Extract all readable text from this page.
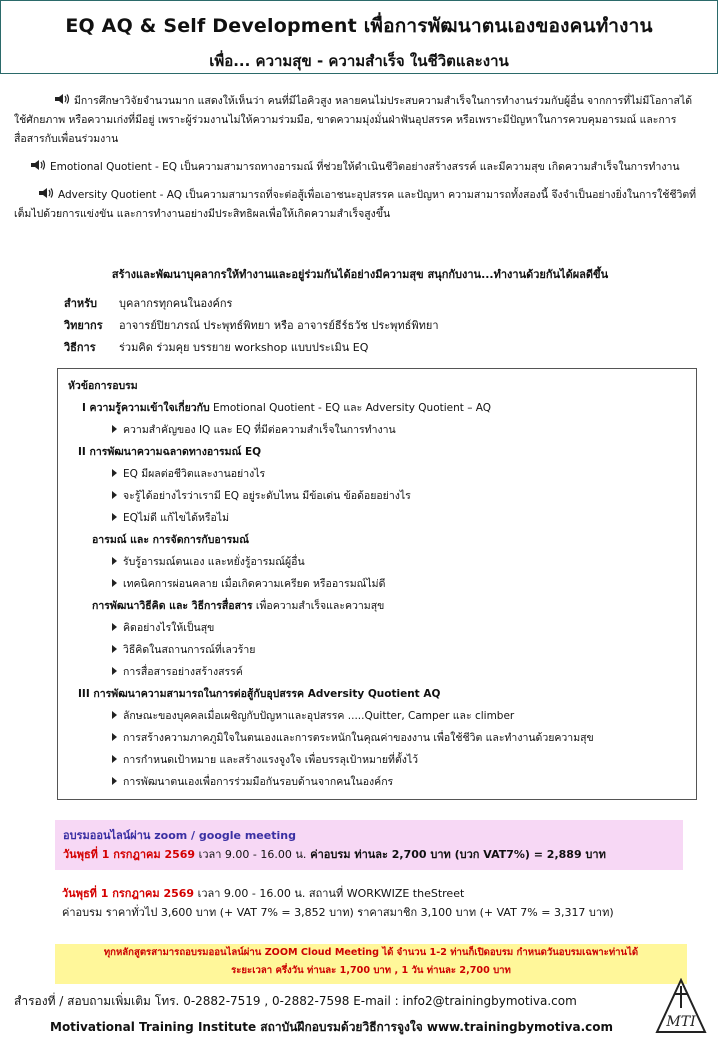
EQ AQ & Self Development เพื่อการพัฒนาตนเองของคนทำงาน
เพื่อ... ความสุข - ความสำเร็จ ในชีวิตและงาน

มีการศึกษาวิจัยจำนวนมาก แสดงให้เห็นว่า คนที่มีไอคิวสูง หลายคนไม่ประสบความสำเร็จในการทำงานร่วมกับผู้อื่น จากการที่ไม่มีโอกาสได้ใช้ศักยภาพ หรือความเก่งที่มีอยู่ เพราะผู้ร่วมงานไม่ให้ความร่วมมือ, ขาดความมุ่งมั่นฝ่าฟันอุปสรรค หรือเพราะมีปัญหาในการควบคุมอารมณ์ และการสื่อสารกับเพื่อนร่วมงาน

Emotional Quotient - EQ เป็นความสามารถทางอารมณ์ ที่ช่วยให้ดำเนินชีวิตอย่างสร้างสรรค์ และมีความสุข เกิดความสำเร็จในการทำงาน

Adversity Quotient - AQ เป็นความสามารถที่จะต่อสู้เพื่อเอาชนะอุปสรรค และปัญหา ความสามารถทั้งสองนี้ จึงจำเป็นอย่างยิ่งในการใช้ชีวิตที่เต็มไปด้วยการแข่งขัน และการทำงานอย่างมีประสิทธิผลเพื่อให้เกิดความสำเร็จสูงขึ้น

สร้างและพัฒนาบุคลากรให้ทำงานและอยู่ร่วมกันได้อย่างมีความสุข สนุกกับงาน...ทำงานด้วยกันได้ผลดีขึ้น
สำหรับ	บุคลากรทุกคนในองค์กร
วิทยากร	อาจารย์ปิยาภรณ์ ประพุทธ์พิทยา หรือ อาจารย์ธีร์ธวัช ประพุทธ์พิทยา
วิธีการ	ร่วมคิด ร่วมคุย บรรยาย workshop แบบประเมิน EQ
หัวข้อการอบรม
I ความรู้ความเข้าใจเกี่ยวกับ Emotional Quotient - EQ และ Adversity Quotient – AQ
ความสำคัญของ IQ และ EQ ที่มีต่อความสำเร็จในการทำงาน
II การพัฒนาความฉลาดทางอารมณ์ EQ
EQ มีผลต่อชีวิตและงานอย่างไร
จะรู้ได้อย่างไรว่าเรามี EQ อยู่ระดับไหน มีข้อเด่น ข้อด้อยอย่างไร
EQไม่ดี แก้ไขได้หรือไม่
อารมณ์ และ การจัดการกับอารมณ์
รับรู้อารมณ์ตนเอง และหยั่งรู้อารมณ์ผู้อื่น
เทคนิคการผ่อนคลาย เมื่อเกิดความเครียด หรืออารมณ์ไม่ดี
การพัฒนาวิธีคิด และ วิธีการสื่อสาร เพื่อความสำเร็จและความสุข
คิดอย่างไรให้เป็นสุข
วิธีคิดในสถานการณ์ที่เลวร้าย
การสื่อสารอย่างสร้างสรรค์
III การพัฒนาความสามารถในการต่อสู้กับอุปสรรค Adversity Quotient AQ
ลักษณะของบุคคลเมื่อเผชิญกับปัญหาและอุปสรรค .....Quitter, Camper และ climber
การสร้างความภาคภูมิใจในตนเองและการตระหนักในคุณค่าของงาน เพื่อใช้ชีวิต และทำงานด้วยความสุข
การกำหนดเป้าหมาย และสร้างแรงจูงใจ เพื่อบรรลุเป้าหมายที่ตั้งไว้
การพัฒนาตนเองเพื่อการร่วมมือกันรอบด้านจากคนในองค์กร
อบรมออนไลน์ผ่าน zoom / google meeting
วันพุธที่ 1 กรกฎาคม 2569 เวลา 9.00 - 16.00 น. ค่าอบรม ท่านละ 2,700 บาท (บวก VAT7%) = 2,889 บาท
วันพุธที่ 1 กรกฎาคม 2569 เวลา 9.00 - 16.00 น. สถานที่ WORKWIZE theStreet
ค่าอบรม ราคาทั่วไป 3,600 บาท (+ VAT 7% = 3,852 บาท) ราคาสมาชิก 3,100 บาท (+ VAT 7% = 3,317 บาท)
ทุกหลักสูตรสามารถอบรมออนไลน์ผ่าน ZOOM Cloud Meeting ได้ จำนวน 1-2 ท่านก็เปิดอบรม กำหนดวันอบรมเฉพาะท่านได้
ระยะเวลา ครึ่งวัน ท่านละ 1,700 บาท , 1 วัน ท่านละ 2,700 บาท
สำรองที่ / สอบถามเพิ่มเติม โทร. 0-2882-7519 , 0-2882-7598 E-mail : info2@trainingbymotiva.com
Motivational Training Institute สถาบันฝึกอบรมด้วยวิธีการจูงใจ www.trainingbymotiva.com	MTI
